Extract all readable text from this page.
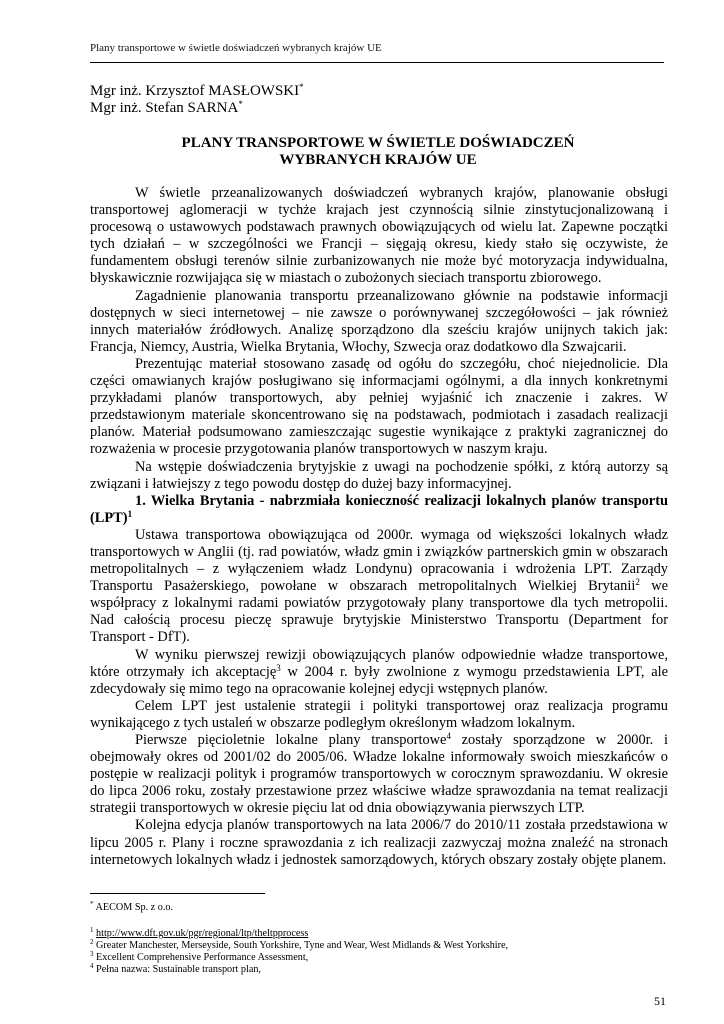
Plany transportowe w świetle doświadczeń wybranych krajów UE
Mgr inż. Krzysztof MASŁOWSKI*
Mgr inż. Stefan SARNA*
PLANY TRANSPORTOWE W ŚWIETLE DOŚWIADCZEŃ
WYBRANYCH KRAJÓW UE

W świetle przeanalizowanych doświadczeń wybranych krajów, planowanie obsługi transportowej aglomeracji w tychże krajach jest czynnością silnie zinstytucjonalizowaną i procesową o ustawowych podstawach prawnych obowiązujących od wielu lat. Zapewne początki tych działań – w szczególności we Francji – sięgają okresu, kiedy stało się oczywiste, że fundamentem obsługi terenów silnie zurbanizowanych nie może być motoryzacja indywidualna, błyskawicznie rozwijająca się w miastach o zubożonych sieciach transportu zbiorowego.

Zagadnienie planowania transportu przeanalizowano głównie na podstawie informacji dostępnych w sieci internetowej – nie zawsze o porównywanej szczegółowości – jak również innych materiałów źródłowych. Analizę sporządzono dla sześciu krajów unijnych takich jak: Francja, Niemcy, Austria, Wielka Brytania, Włochy, Szwecja oraz dodatkowo dla Szwajcarii.

Prezentując materiał stosowano zasadę od ogółu do szczegółu, choć niejednolicie. Dla części omawianych krajów posługiwano się informacjami ogólnymi, a dla innych konkretnymi przykładami planów transportowych, aby pełniej wyjaśnić ich znaczenie i zakres. W przedstawionym materiale skoncentrowano się na podstawach, podmiotach i zasadach realizacji planów. Materiał podsumowano zamieszczając sugestie wynikające z praktyki zagranicznej do rozważenia w procesie przygotowania planów transportowych w naszym kraju.

Na wstępie doświadczenia brytyjskie z uwagi na pochodzenie spółki, z którą autorzy są związani i łatwiejszy z tego powodu dostęp do dużej bazy informacyjnej.

1. Wielka Brytania - nabrzmiała konieczność realizacji lokalnych planów transportu (LPT)$^1$

Ustawa transportowa obowiązująca od 2000r. wymaga od większości lokalnych władz transportowych w Anglii (tj. rad powiatów, władz gmin i związków partnerskich gmin w obszarach metropolitalnych – z wyłączeniem władz Londynu) opracowania i wdrożenia LPT. Zarządy Transportu Pasażerskiego, powołane w obszarach metropolitalnych Wielkiej Brytanii$^2$ we współpracy z lokalnymi radami powiatów przygotowały plany transportowe dla tych metropolii. Nad całością procesu pieczę sprawuje brytyjskie Ministerstwo Transportu (Department for Transport - DfT).

W wyniku pierwszej rewizji obowiązujących planów odpowiednie władze transportowe, które otrzymały ich akceptację$^3$ w 2004 r. były zwolnione z wymogu przedstawienia LPT, ale zdecydowały się mimo tego na opracowanie kolejnej edycji wstępnych planów.

Celem LPT jest ustalenie strategii i polityki transportowej oraz realizacja programu wynikającego z tych ustaleń w obszarze podległym określonym władzom lokalnym.

Pierwsze pięcioletnie lokalne plany transportowe$^4$ zostały sporządzone w 2000r. i obejmowały okres od 2001/02 do 2005/06. Władze lokalne informowały swoich mieszkańców o postępie w realizacji polityk i programów transportowych w corocznym sprawozdaniu. W okresie do lipca 2006 roku, zostały przestawione przez właściwe władze sprawozdania na temat realizacji strategii transportowych w okresie pięciu lat od dnia obowiązywania pierwszych LTP.

Kolejna edycja planów transportowych na lata 2006/7 do 2010/11 została przedstawiona w lipcu 2005 r. Plany i roczne sprawozdania z ich realizacji zazwyczaj można znaleźć na stronach internetowych lokalnych władz i jednostek samorządowych, których obszary zostały objęte planem.

* AECOM Sp. z o.o.
$^1$ http://www.dft.gov.uk/pgr/regional/ltp/theltpprocess
$^2$ Greater Manchester, Merseyside, South Yorkshire, Tyne and Wear, West Midlands & West Yorkshire,
$^3$ Excellent Comprehensive Performance Assessment,
$^4$ Pełna nazwa: Sustainable transport plan,
51
